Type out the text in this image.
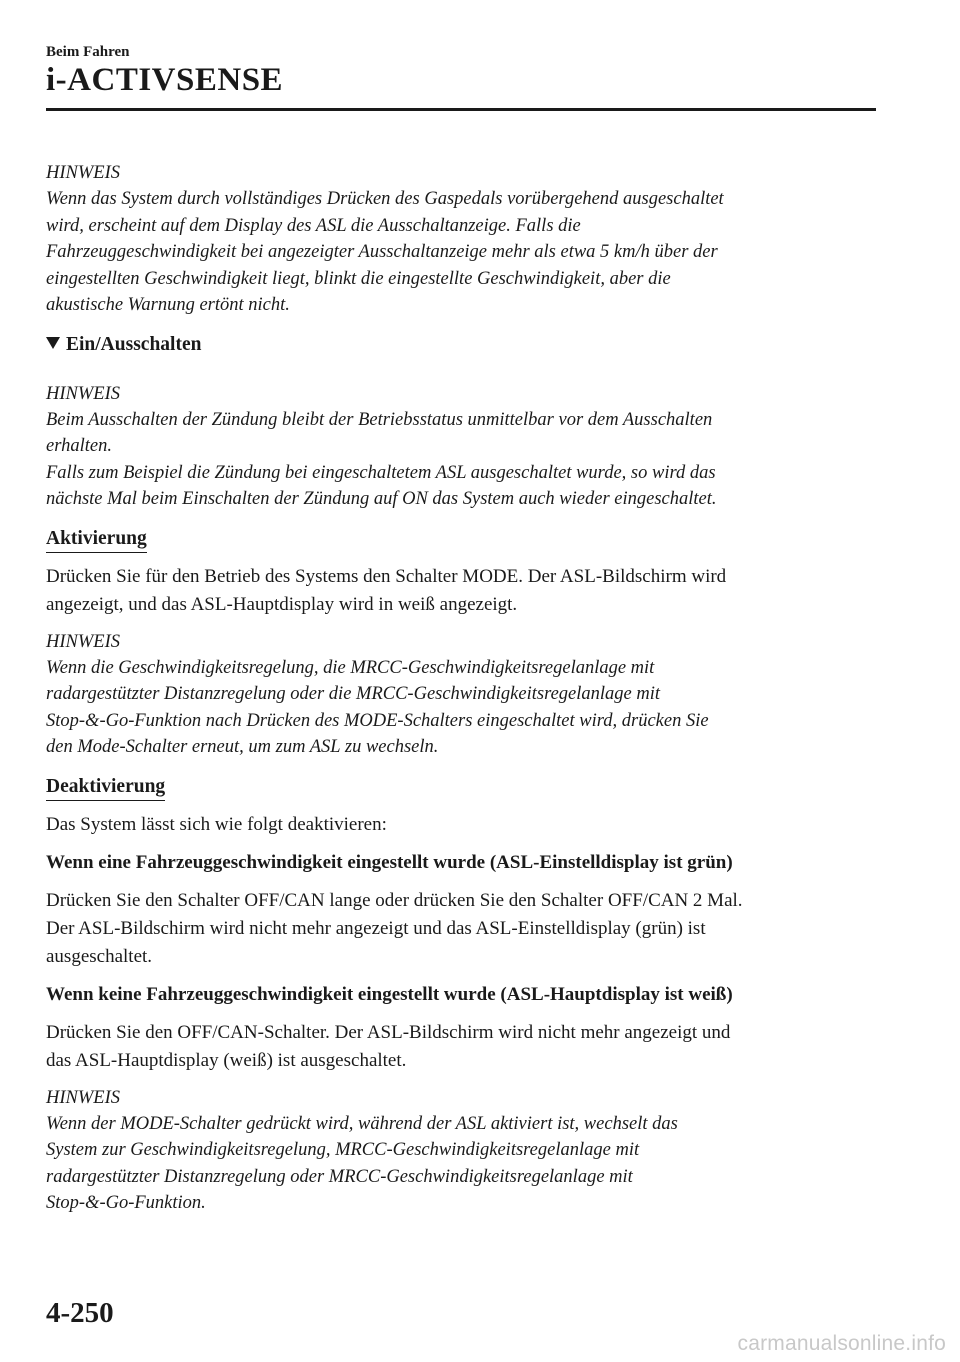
Beim Fahren
i-ACTIVSENSE

HINWEIS

Wenn das System durch vollständiges Drücken des Gaspedals vorübergehend ausgeschaltet

wird, erscheint auf dem Display des ASL die Ausschaltanzeige. Falls die

Fahrzeuggeschwindigkeit bei angezeigter Ausschaltanzeige mehr als etwa 5 km/h über der

eingestellten Geschwindigkeit liegt, blinkt die eingestellte Geschwindigkeit, aber die

akustische Warnung ertönt nicht.

Ein/Ausschalten

HINWEIS

Beim Ausschalten der Zündung bleibt der Betriebsstatus unmittelbar vor dem Ausschalten

erhalten.

Falls zum Beispiel die Zündung bei eingeschaltetem ASL ausgeschaltet wurde, so wird das

nächste Mal beim Einschalten der Zündung auf ON das System auch wieder eingeschaltet.

Aktivierung

Drücken Sie für den Betrieb des Systems den Schalter MODE. Der ASL-Bildschirm wird

angezeigt, und das ASL-Hauptdisplay wird in weiß angezeigt.

HINWEIS

Wenn die Geschwindigkeitsregelung, die MRCC-Geschwindigkeitsregelanlage mit

radargestützter Distanzregelung oder die MRCC-Geschwindigkeitsregelanlage mit

Stop-&-Go-Funktion nach Drücken des MODE-Schalters eingeschaltet wird, drücken Sie

den Mode-Schalter erneut, um zum ASL zu wechseln.

Deaktivierung

Das System lässt sich wie folgt deaktivieren:

Wenn eine Fahrzeuggeschwindigkeit eingestellt wurde (ASL-Einstelldisplay ist grün)

Drücken Sie den Schalter OFF/CAN lange oder drücken Sie den Schalter OFF/CAN 2 Mal.

Der ASL-Bildschirm wird nicht mehr angezeigt und das ASL-Einstelldisplay (grün) ist

ausgeschaltet.

Wenn keine Fahrzeuggeschwindigkeit eingestellt wurde (ASL-Hauptdisplay ist weiß)

Drücken Sie den OFF/CAN-Schalter. Der ASL-Bildschirm wird nicht mehr angezeigt und

das ASL-Hauptdisplay (weiß) ist ausgeschaltet.

HINWEIS

Wenn der MODE-Schalter gedrückt wird, während der ASL aktiviert ist, wechselt das

System zur Geschwindigkeitsregelung, MRCC-Geschwindigkeitsregelanlage mit

radargestützter Distanzregelung oder MRCC-Geschwindigkeitsregelanlage mit

Stop-&-Go-Funktion.

4-250
carmanualsonline.info
